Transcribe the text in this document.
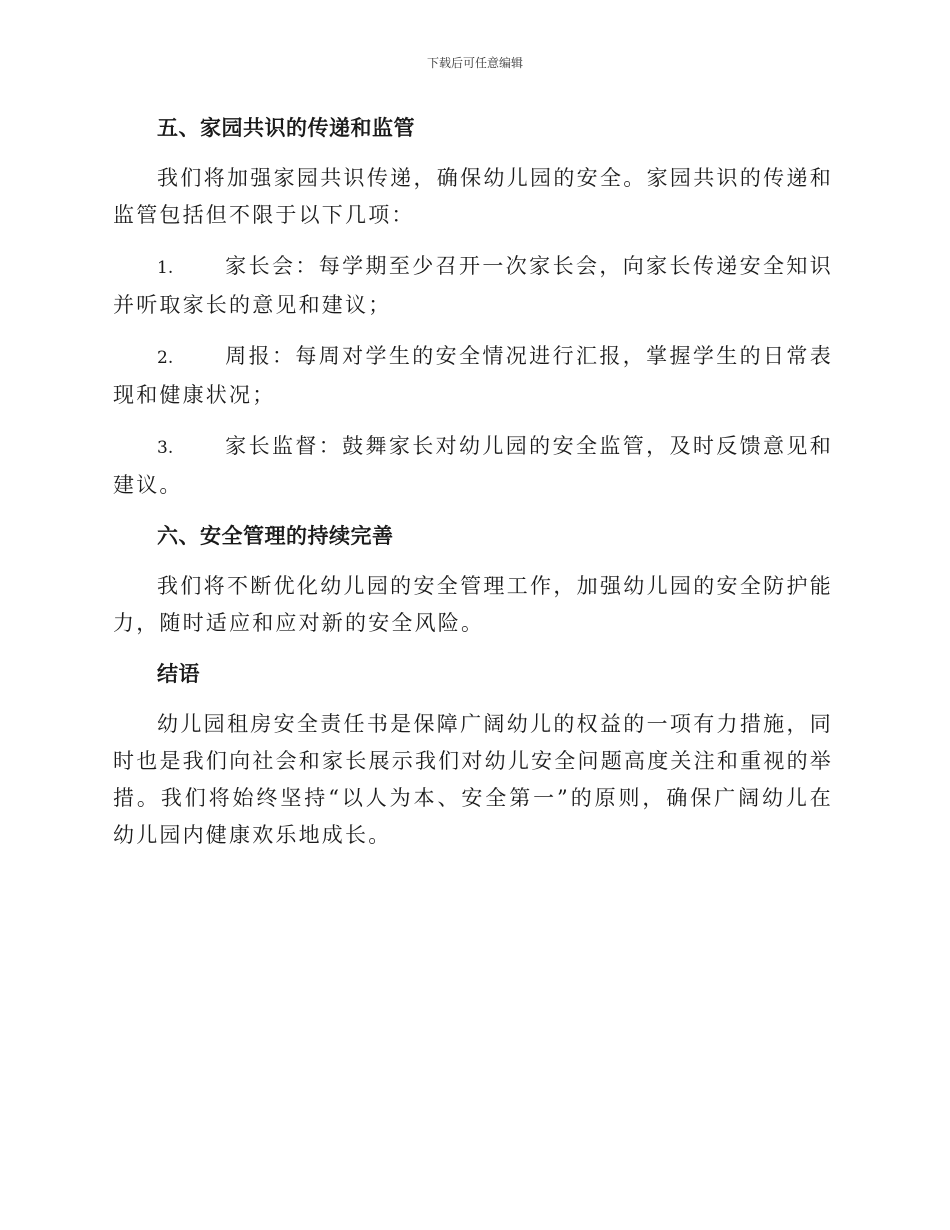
下载后可任意编辑
五、家园共识的传递和监管

我们将加强家园共识传递，确保幼儿园的安全。家园共识的传递和监管包括但不限于以下几项：

1. 家长会：每学期至少召开一次家长会，向家长传递安全知识并听取家长的意见和建议；

2. 周报：每周对学生的安全情况进行汇报，掌握学生的日常表现和健康状况；

3. 家长监督：鼓舞家长对幼儿园的安全监管，及时反馈意见和建议。

六、安全管理的持续完善

我们将不断优化幼儿园的安全管理工作，加强幼儿园的安全防护能力，随时适应和应对新的安全风险。

结语

幼儿园租房安全责任书是保障广阔幼儿的权益的一项有力措施，同时也是我们向社会和家长展示我们对幼儿安全问题高度关注和重视的举措。我们将始终坚持“以人为本、安全第一”的原则，确保广阔幼儿在幼儿园内健康欢乐地成长。
